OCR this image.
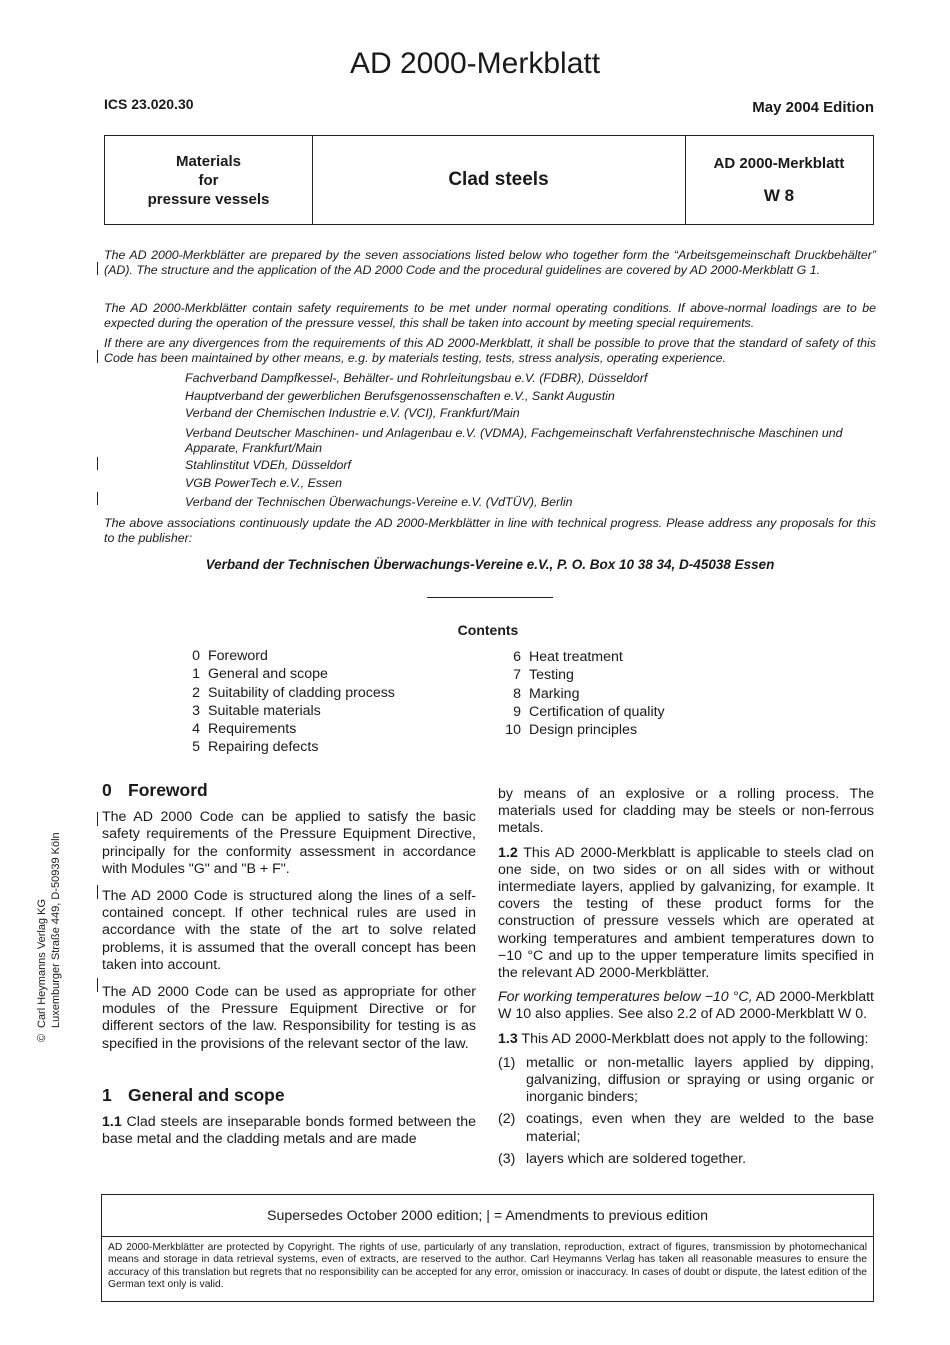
AD 2000-Merkblatt
ICS 23.020.30	May 2004 Edition
Materials
for
pressure vessels
Clad steels
AD 2000-Merkblatt
W 8

The AD 2000-Merkblätter are prepared by the seven associations listed below who together form the “Arbeitsgemeinschaft Druckbehälter” (AD). The structure and the application of the AD 2000 Code and the procedural guidelines are covered by AD 2000-Merkblatt G 1.

The AD 2000-Merkblätter contain safety requirements to be met under normal operating conditions. If above-normal loadings are to be expected during the operation of the pressure vessel, this shall be taken into account by meeting special requirements.

If there are any divergences from the requirements of this AD 2000-Merkblatt, it shall be possible to prove that the standard of safety of this Code has been maintained by other means, e.g. by materials testing, tests, stress analysis, operating experience.

Fachverband Dampfkessel-, Behälter- und Rohrleitungsbau e.V. (FDBR), Düsseldorf

Hauptverband der gewerblichen Berufsgenossenschaften e.V., Sankt Augustin

Verband der Chemischen Industrie e.V. (VCI), Frankfurt/Main

Verband Deutscher Maschinen- und Anlagenbau e.V. (VDMA), Fachgemeinschaft Verfahrenstechnische Maschinen und Apparate, Frankfurt/Main

Stahlinstitut VDEh, Düsseldorf

VGB PowerTech e.V., Essen

Verband der Technischen Überwachungs-Vereine e.V. (VdTÜV), Berlin

The above associations continuously update the AD 2000-Merkblätter in line with technical progress. Please address any proposals for this to the publisher:

Verband der Technischen Überwachungs-Vereine e.V., P. O. Box 10 38 34, D-45038 Essen
Contents
0 Foreword
1 General and scope
2 Suitability of cladding process
3 Suitable materials
4 Requirements
5 Repairing defects
6 Heat treatment
7 Testing
8 Marking
9 Certification of quality
10 Design principles
0 Foreword

The AD 2000 Code can be applied to satisfy the basic safety requirements of the Pressure Equipment Directive, principally for the conformity assessment in accordance with Modules "G" and "B + F".

The AD 2000 Code is structured along the lines of a self-contained concept. If other technical rules are used in accordance with the state of the art to solve related problems, it is assumed that the overall concept has been taken into account.

The AD 2000 Code can be used as appropriate for other modules of the Pressure Equipment Directive or for different sectors of the law. Responsibility for testing is as specified in the provisions of the relevant sector of the law.

1 General and scope

1.1 Clad steels are inseparable bonds formed between the base metal and the cladding metals and are made

by means of an explosive or a rolling process. The materials used for cladding may be steels or non-ferrous metals.

1.2 This AD 2000-Merkblatt is applicable to steels clad on one side, on two sides or on all sides with or without intermediate layers, applied by galvanizing, for example. It covers the testing of these product forms for the construction of pressure vessels which are operated at working temperatures and ambient temperatures down to −10 °C and up to the upper temperature limits specified in the relevant AD 2000-Merkblätter.

For working temperatures below −10 °C, AD 2000-Merkblatt W 10 also applies. See also 2.2 of AD 2000-Merkblatt W 0.

1.3 This AD 2000-Merkblatt does not apply to the following:

(1) metallic or non-metallic layers applied by dipping, galvanizing, diffusion or spraying or using organic or inorganic binders;
(2) coatings, even when they are welded to the base material;
(3) layers which are soldered together.
©
Carl Heymanns Verlag KG Luxemburger Straße 449, D-50939 Köln
Supersedes October 2000 edition; | = Amendments to previous edition
AD 2000-Merkblätter are protected by Copyright. The rights of use, particularly of any translation, reproduction, extract of figures, transmission by photomechanical means and storage in data retrieval systems, even of extracts, are reserved to the author. Carl Heymanns Verlag has taken all reasonable measures to ensure the accuracy of this translation but regrets that no responsibility can be accepted for any error, omission or inaccuracy. In cases of doubt or dispute, the latest edition of the German text only is valid.
